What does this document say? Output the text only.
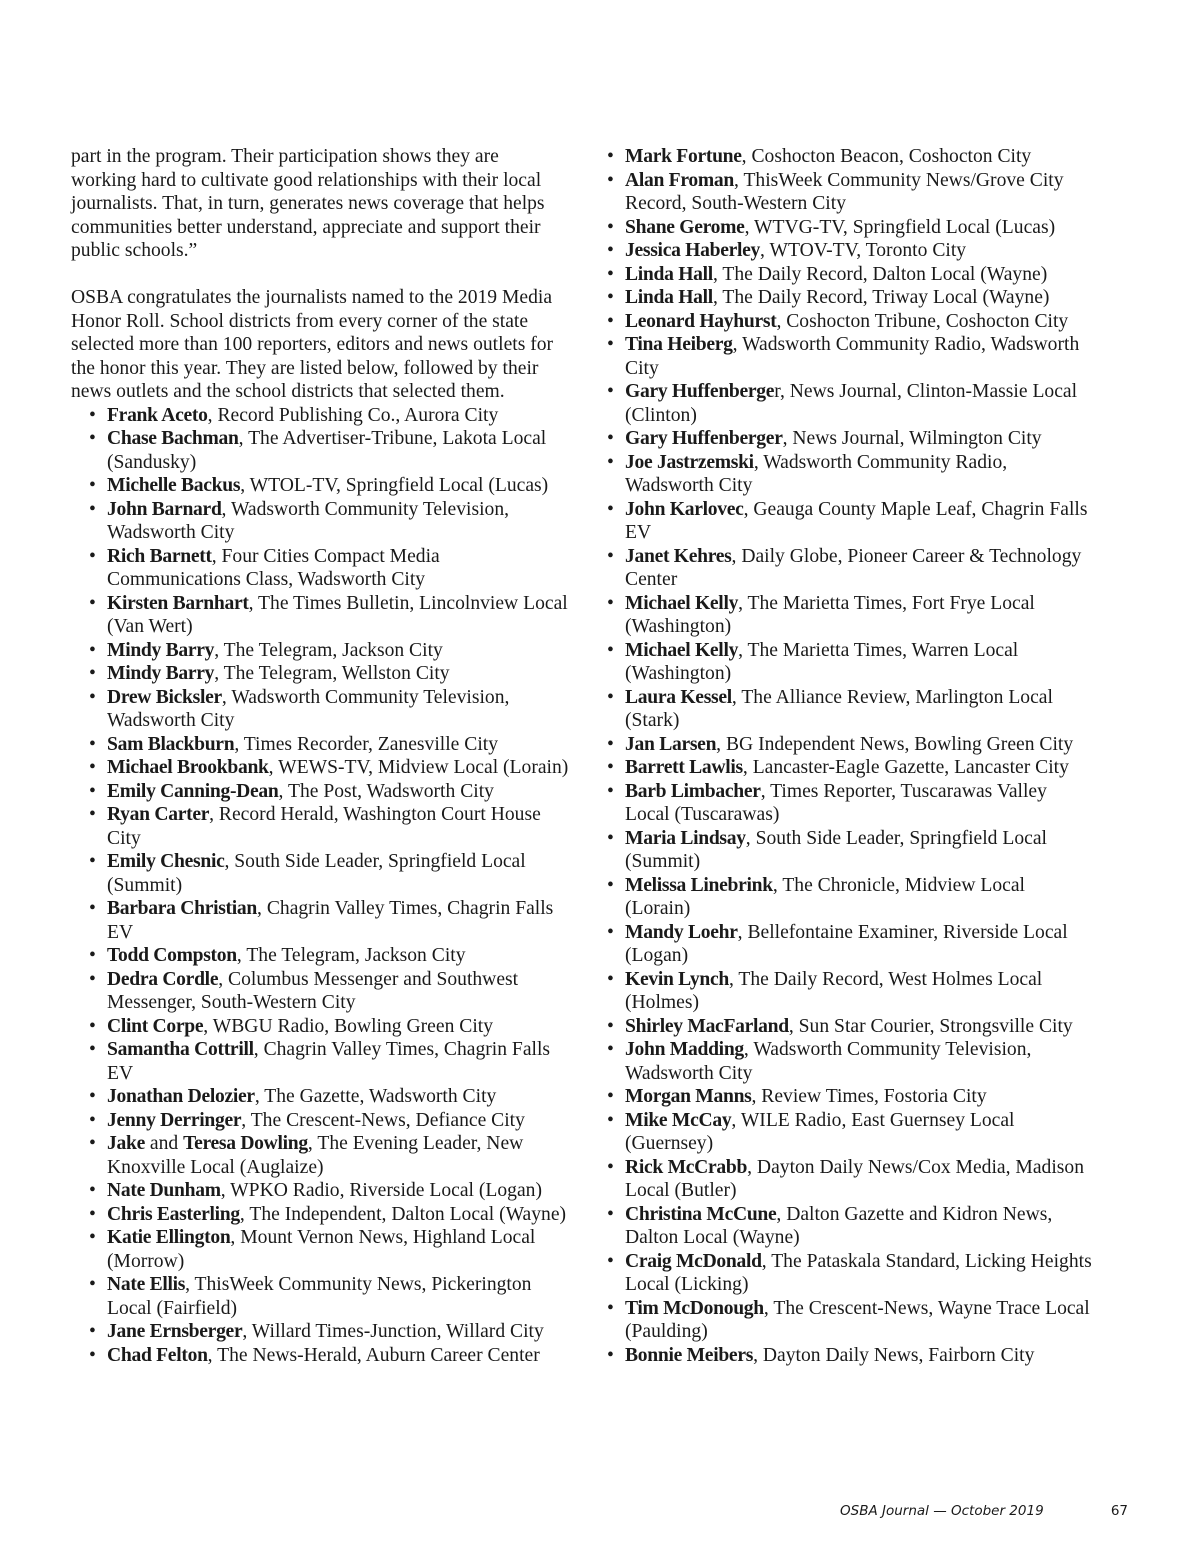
part in the program. Their participation shows they are working hard to cultivate good relationships with their local journalists. That, in turn, generates news coverage that helps communities better understand, appreciate and support their public schools.”

OSBA congratulates the journalists named to the 2019 Media Honor Roll. School districts from every corner of the state selected more than 100 reporters, editors and news outlets for the honor this year. They are listed below, followed by their news outlets and the school districts that selected them.

• Frank Aceto, Record Publishing Co., Aurora City
• Chase Bachman, The Advertiser-Tribune, Lakota Local (Sandusky)
• Michelle Backus, WTOL-TV, Springfield Local (Lucas)
• John Barnard, Wadsworth Community Television, Wadsworth City
• Rich Barnett, Four Cities Compact Media Communications Class, Wadsworth City
• Kirsten Barnhart, The Times Bulletin, Lincolnview Local (Van Wert)
• Mindy Barry, The Telegram, Jackson City
• Mindy Barry, The Telegram, Wellston City
• Drew Bicksler, Wadsworth Community Television, Wadsworth City
• Sam Blackburn, Times Recorder, Zanesville City
• Michael Brookbank, WEWS-TV, Midview Local (Lorain)
• Emily Canning-Dean, The Post, Wadsworth City
• Ryan Carter, Record Herald, Washington Court House City
• Emily Chesnic, South Side Leader, Springfield Local (Summit)
• Barbara Christian, Chagrin Valley Times, Chagrin Falls EV
• Todd Compston, The Telegram, Jackson City
• Dedra Cordle, Columbus Messenger and Southwest Messenger, South-Western City
• Clint Corpe, WBGU Radio, Bowling Green City
• Samantha Cottrill, Chagrin Valley Times, Chagrin Falls EV
• Jonathan Delozier, The Gazette, Wadsworth City
• Jenny Derringer, The Crescent-News, Defiance City
• Jake and Teresa Dowling, The Evening Leader, New Knoxville Local (Auglaize)
• Nate Dunham, WPKO Radio, Riverside Local (Logan)
• Chris Easterling, The Independent, Dalton Local (Wayne)
• Katie Ellington, Mount Vernon News, Highland Local (Morrow)
• Nate Ellis, ThisWeek Community News, Pickerington Local (Fairfield)
• Jane Ernsberger, Willard Times-Junction, Willard City
• Chad Felton, The News-Herald, Auburn Career Center
• Mark Fortune, Coshocton Beacon, Coshocton City
• Alan Froman, ThisWeek Community News/Grove City Record, South-Western City
• Shane Gerome, WTVG-TV, Springfield Local (Lucas)
• Jessica Haberley, WTOV-TV, Toronto City
• Linda Hall, The Daily Record, Dalton Local (Wayne)
• Linda Hall, The Daily Record, Triway Local (Wayne)
• Leonard Hayhurst, Coshocton Tribune, Coshocton City
• Tina Heiberg, Wadsworth Community Radio, Wadsworth City
• Gary Huffenberger, News Journal, Clinton-Massie Local (Clinton)
• Gary Huffenberger, News Journal, Wilmington City
• Joe Jastrzemski, Wadsworth Community Radio, Wadsworth City
• John Karlovec, Geauga County Maple Leaf, Chagrin Falls EV
• Janet Kehres, Daily Globe, Pioneer Career & Technology Center
• Michael Kelly, The Marietta Times, Fort Frye Local (Washington)
• Michael Kelly, The Marietta Times, Warren Local (Washington)
• Laura Kessel, The Alliance Review, Marlington Local (Stark)
• Jan Larsen, BG Independent News, Bowling Green City
• Barrett Lawlis, Lancaster-Eagle Gazette, Lancaster City
• Barb Limbacher, Times Reporter, Tuscarawas Valley Local (Tuscarawas)
• Maria Lindsay, South Side Leader, Springfield Local (Summit)
• Melissa Linebrink, The Chronicle, Midview Local (Lorain)
• Mandy Loehr, Bellefontaine Examiner, Riverside Local (Logan)
• Kevin Lynch, The Daily Record, West Holmes Local (Holmes)
• Shirley MacFarland, Sun Star Courier, Strongsville City
• John Madding, Wadsworth Community Television, Wadsworth City
• Morgan Manns, Review Times, Fostoria City
• Mike McCay, WILE Radio, East Guernsey Local (Guernsey)
• Rick McCrabb, Dayton Daily News/Cox Media, Madison Local (Butler)
• Christina McCune, Dalton Gazette and Kidron News, Dalton Local (Wayne)
• Craig McDonald, The Pataskala Standard, Licking Heights Local (Licking)
• Tim McDonough, The Crescent-News, Wayne Trace Local (Paulding)
• Bonnie Meibers, Dayton Daily News, Fairborn City
OSBA Journal — October 2019	67
